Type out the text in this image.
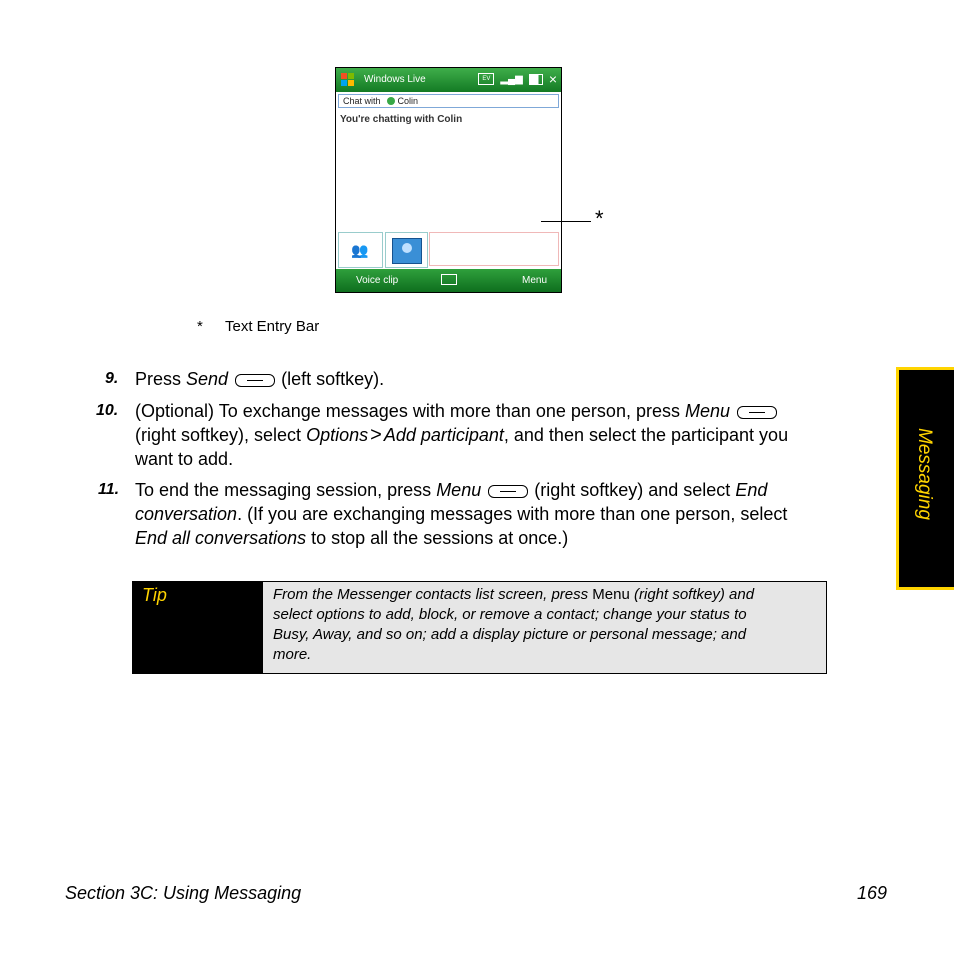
Windows Live	EV	▂▄▆ ×
Chat with Colin
You're chatting with Colin
👥
Voice clip	Menu
*
* Text Entry Bar
9. Press Send	(left softkey).
10. (Optional) To exchange messages with more than one person, press Menu
(right softkey), select Options > Add participant, and then select the participant you
want to add.
11. To end the messaging session, press Menu	(right softkey) and select End
conversation. (If you are exchanging messages with more than one person, select
End all conversations to stop all the sessions at once.)
Tip	From the Messenger contacts list screen, press Menu (right softkey) and
select options to add, block, or remove a contact; change your status to
Busy, Away, and so on; add a display picture or personal message; and
more.
Messaging
Section 3C: Using Messaging	169
